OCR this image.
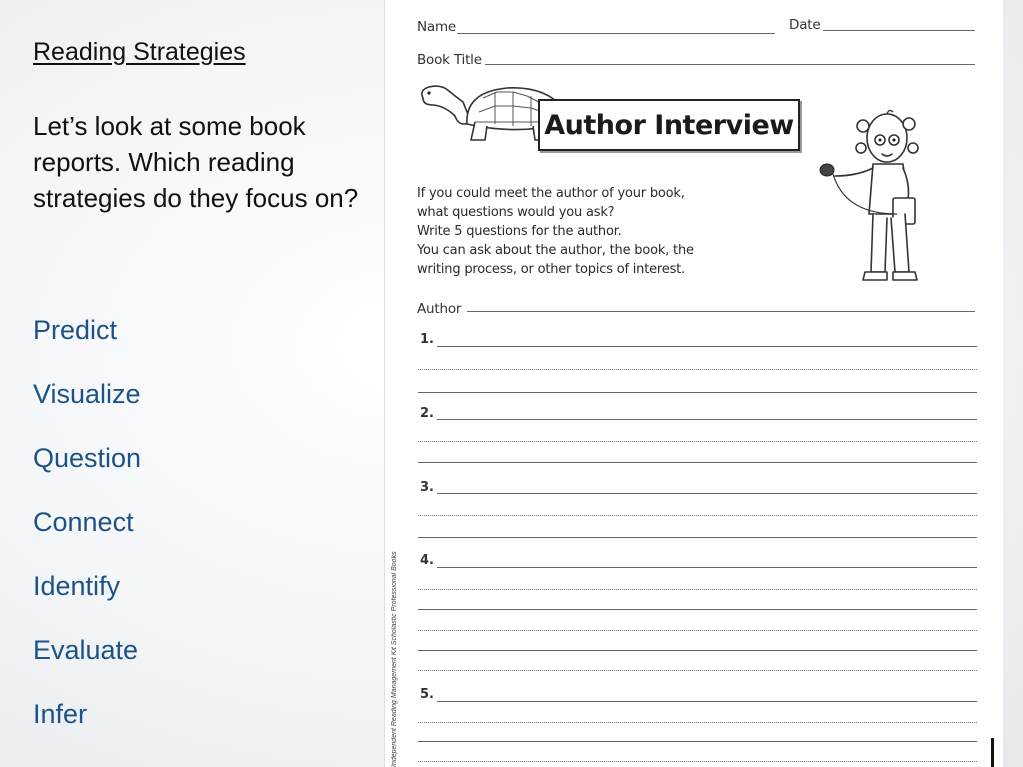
Reading Strategies
Let’s look at some book reports. Which reading strategies do they focus on?
Predict
Visualize
Question
Connect
Identify
Evaluate
Infer
Name	Date
Book Title
Author Interview
If you could meet the author of your book,
what questions would you ask?
Write 5 questions for the author.
You can ask about the author, the book, the
writing process, or other topics of interest.
Author
1.
2.
3.
4.
5.
Independent Reading Management Kit Scholastic Professional Books
